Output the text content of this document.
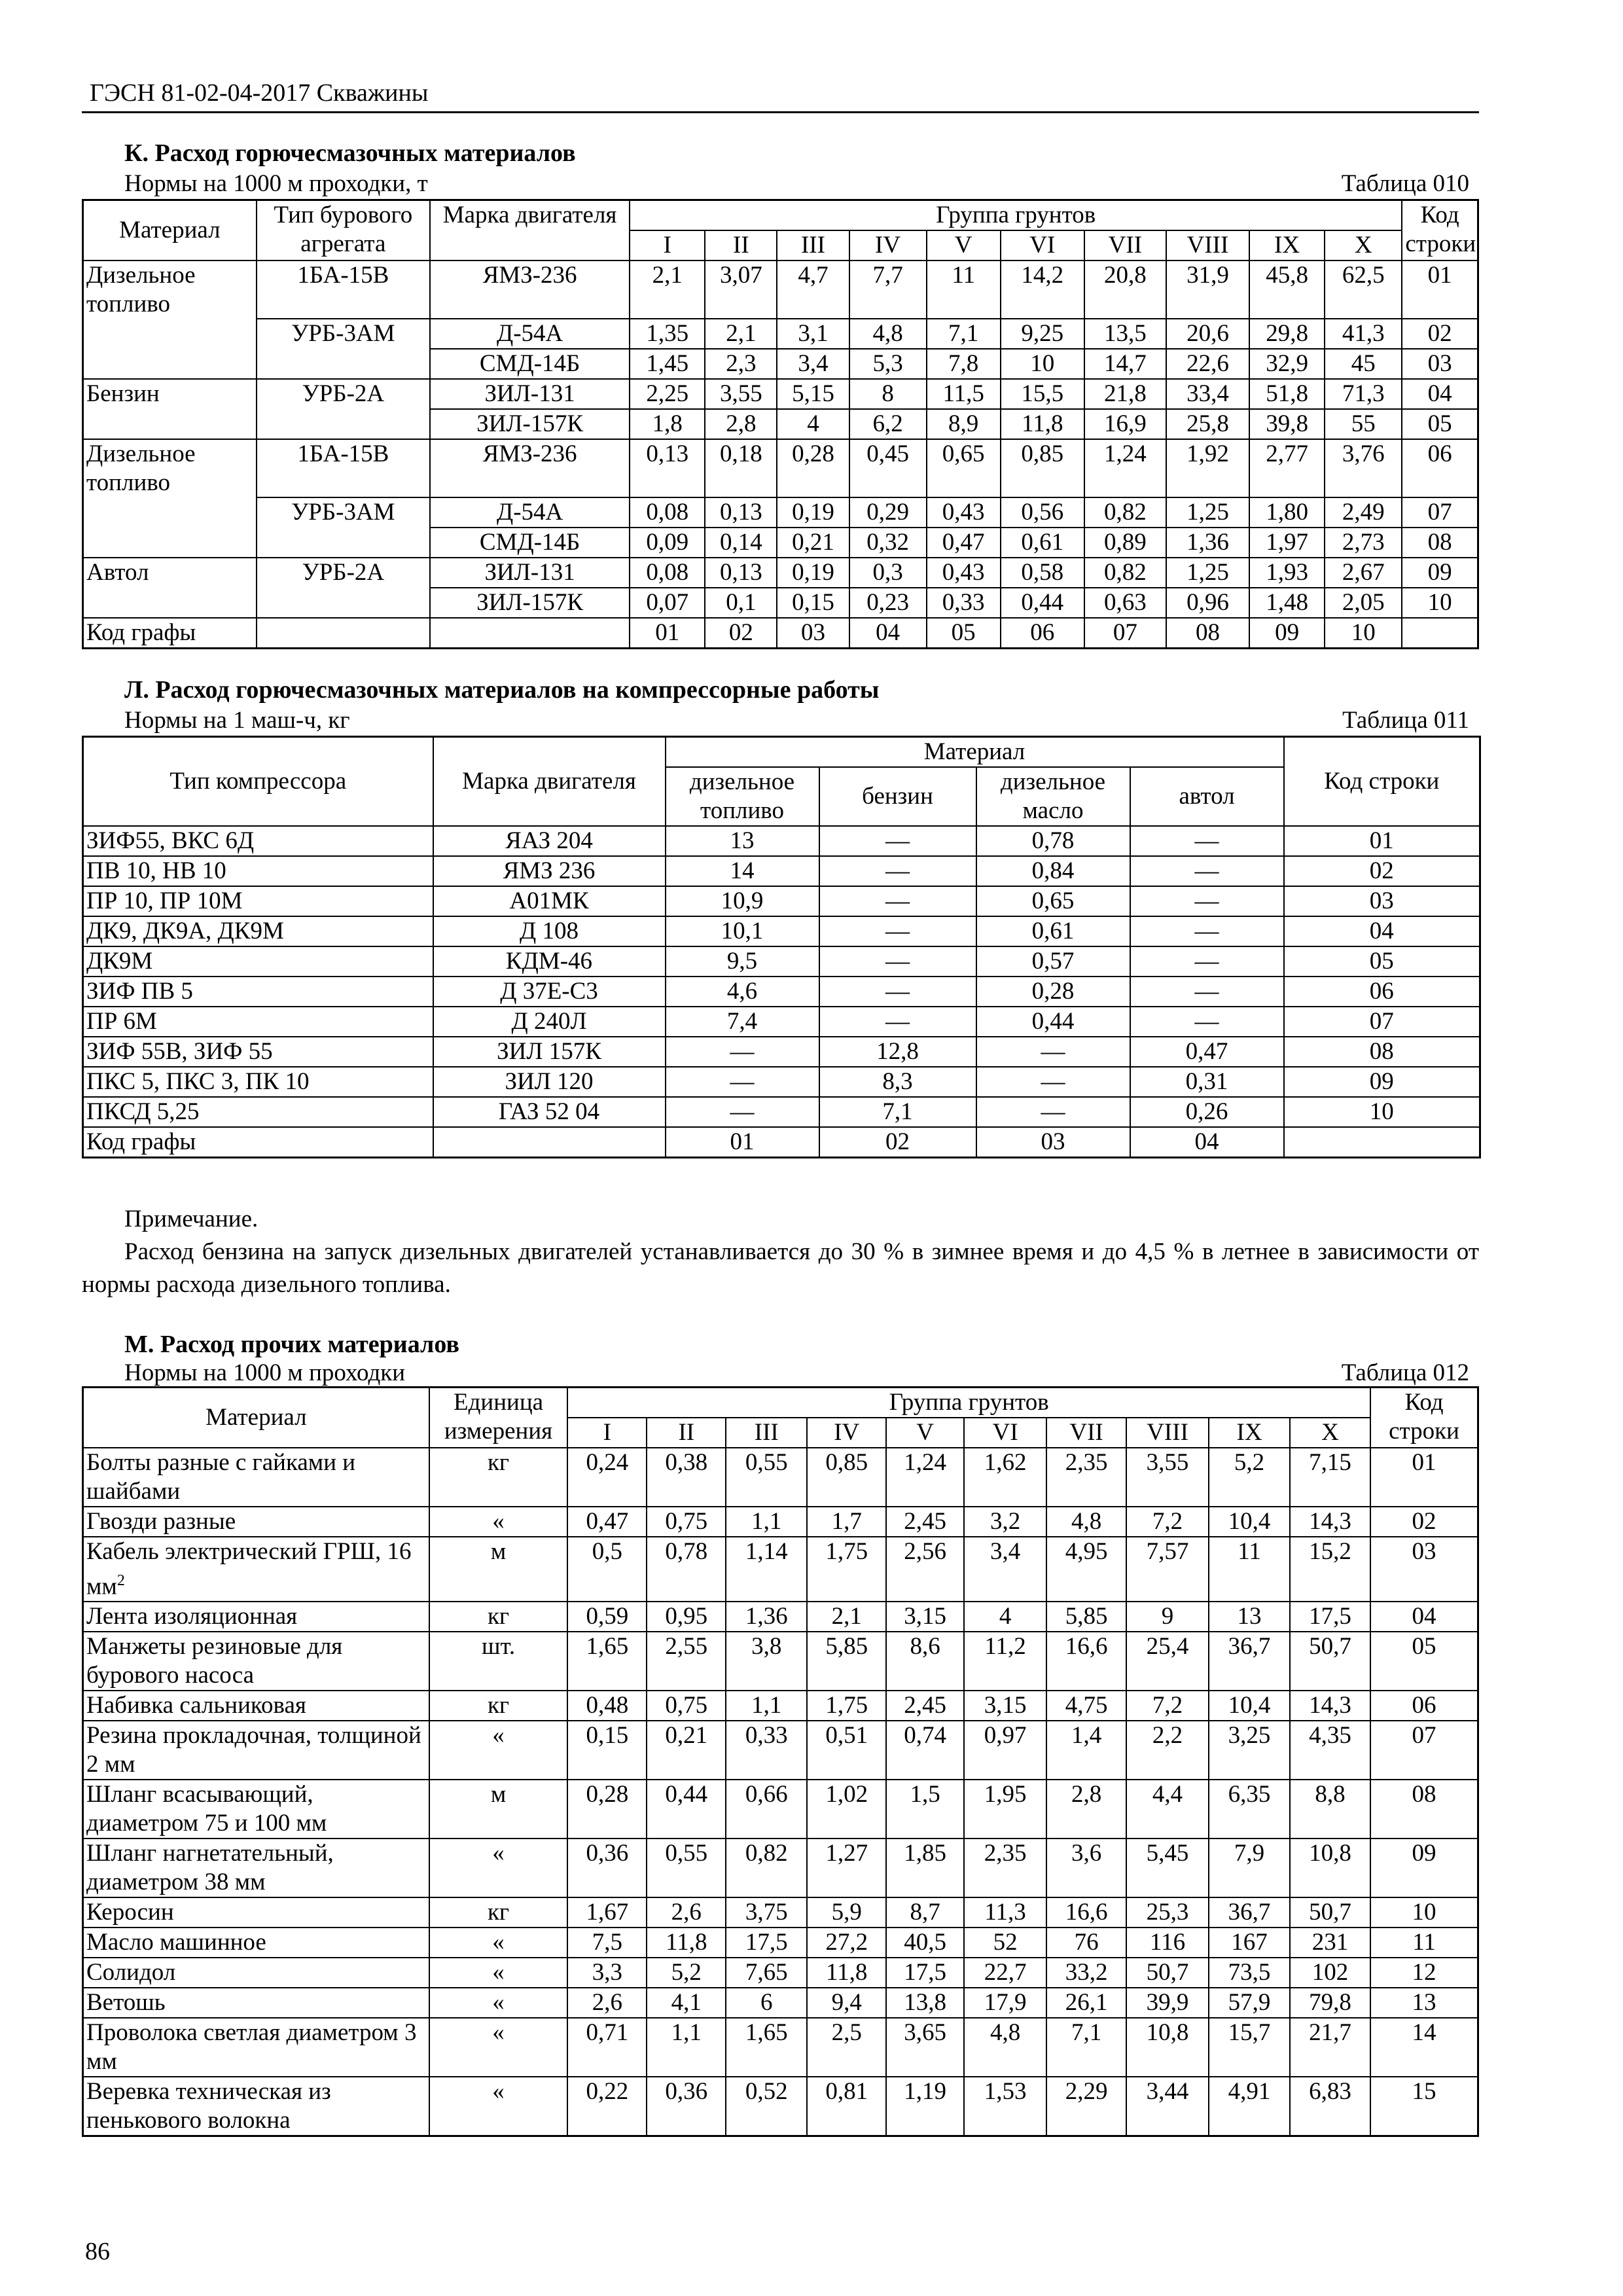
ГЭСН 81-02-04-2017 Скважины
К. Расход горючесмазочных материалов
Нормы на 1000 м проходки, т	Таблица 010
Материал	Тип бурового агрегата	Марка двигателя	Группа грунтов										Код строки
			I	II	III	IV	V	VI	VII	VIII	IX	X	
Дизельное топливо	1БА-15В	ЯМЗ-236	2,1	3,07	4,7	7,7	11	14,2	20,8	31,9	45,8	62,5	01
	УРБ-3АМ	Д-54А	1,35	2,1	3,1	4,8	7,1	9,25	13,5	20,6	29,8	41,3	02
		СМД-14Б	1,45	2,3	3,4	5,3	7,8	10	14,7	22,6	32,9	45	03
Бензин	УРБ-2А	ЗИЛ-131	2,25	3,55	5,15	8	11,5	15,5	21,8	33,4	51,8	71,3	04
		ЗИЛ-157К	1,8	2,8	4	6,2	8,9	11,8	16,9	25,8	39,8	55	05
Дизельное топливо	1БА-15В	ЯМЗ-236	0,13	0,18	0,28	0,45	0,65	0,85	1,24	1,92	2,77	3,76	06
	УРБ-3АМ	Д-54А	0,08	0,13	0,19	0,29	0,43	0,56	0,82	1,25	1,80	2,49	07
		СМД-14Б	0,09	0,14	0,21	0,32	0,47	0,61	0,89	1,36	1,97	2,73	08
Автол	УРБ-2А	ЗИЛ-131	0,08	0,13	0,19	0,3	0,43	0,58	0,82	1,25	1,93	2,67	09
		ЗИЛ-157К	0,07	0,1	0,15	0,23	0,33	0,44	0,63	0,96	1,48	2,05	10
Код графы			01	02	03	04	05	06	07	08	09	10	
Л. Расход горючесмазочных материалов на компрессорные работы
Нормы на 1 маш-ч, кг	Таблица 011
Тип компрессора	Марка двигателя	Материал				Код строки
		дизельное топливо	бензин	дизельное масло	автол	
ЗИФ55, ВКС 6Д	ЯАЗ 204	13	—	0,78	—	01
ПВ 10, НВ 10	ЯМЗ 236	14	—	0,84	—	02
ПР 10, ПР 10М	А01МК	10,9	—	0,65	—	03
ДК9, ДК9А, ДК9М	Д 108	10,1	—	0,61	—	04
ДК9М	КДМ-46	9,5	—	0,57	—	05
ЗИФ ПВ 5	Д 37Е-С3	4,6	—	0,28	—	06
ПР 6М	Д 240Л	7,4	—	0,44	—	07
ЗИФ 55В, ЗИФ 55	ЗИЛ 157К	—	12,8	—	0,47	08
ПКС 5, ПКС 3, ПК 10	ЗИЛ 120	—	8,3	—	0,31	09
ПКСД 5,25	ГАЗ 52 04	—	7,1	—	0,26	10
Код графы		01	02	03	04	
Примечание.
Расход бензина на запуск дизельных двигателей устанавливается до 30 % в зимнее время и до 4,5 % в летнее в зависимости от нормы расхода дизельного топлива.
М. Расход прочих материалов
Нормы на 1000 м проходки	Таблица 012
Материал	Единица измерения	Группа грунтов										Код строки
		I	II	III	IV	V	VI	VII	VIII	IX	X	
Болты разные с гайками и шайбами	кг	0,24	0,38	0,55	0,85	1,24	1,62	2,35	3,55	5,2	7,15	01
Гвозди разные	«	0,47	0,75	1,1	1,7	2,45	3,2	4,8	7,2	10,4	14,3	02
Кабель электрический ГРШ, 16 $мм^2$	м	0,5	0,78	1,14	1,75	2,56	3,4	4,95	7,57	11	15,2	03
Лента изоляционная	кг	0,59	0,95	1,36	2,1	3,15	4	5,85	9	13	17,5	04
Манжеты резиновые для бурового насоса	шт.	1,65	2,55	3,8	5,85	8,6	11,2	16,6	25,4	36,7	50,7	05
Набивка сальниковая	кг	0,48	0,75	1,1	1,75	2,45	3,15	4,75	7,2	10,4	14,3	06
Резина прокладочная, толщиной 2 мм	«	0,15	0,21	0,33	0,51	0,74	0,97	1,4	2,2	3,25	4,35	07
Шланг всасывающий, диаметром 75 и 100 мм	м	0,28	0,44	0,66	1,02	1,5	1,95	2,8	4,4	6,35	8,8	08
Шланг нагнетательный, диаметром 38 мм	«	0,36	0,55	0,82	1,27	1,85	2,35	3,6	5,45	7,9	10,8	09
Керосин	кг	1,67	2,6	3,75	5,9	8,7	11,3	16,6	25,3	36,7	50,7	10
Масло машинное	«	7,5	11,8	17,5	27,2	40,5	52	76	116	167	231	11
Солидол	«	3,3	5,2	7,65	11,8	17,5	22,7	33,2	50,7	73,5	102	12
Ветошь	«	2,6	4,1	6	9,4	13,8	17,9	26,1	39,9	57,9	79,8	13
Проволока светлая диаметром 3 мм	«	0,71	1,1	1,65	2,5	3,65	4,8	7,1	10,8	15,7	21,7	14
Веревка техническая из пенькового волокна	«	0,22	0,36	0,52	0,81	1,19	1,53	2,29	3,44	4,91	6,83	15
86
